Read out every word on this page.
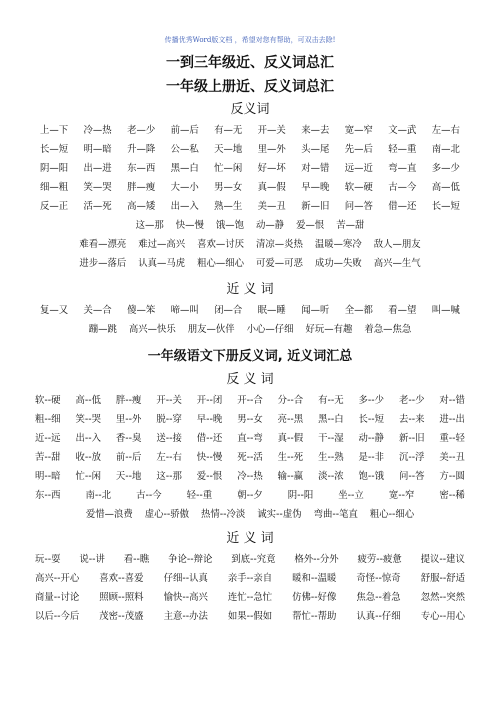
传播优秀Word版文档 ，希望对您有帮助，可双击去除!
一到三年级近、反义词总汇
一年级上册近、反义词总汇
反义词
上—下 冷—热 老—少 前—后 有—无 开—关 来—去 宽—窄 文—武 左—右
长—短 明—暗 升—降 公—私 天—地 里—外 头—尾 先—后 轻—重 南—北
阴—阳 出—进 东—西 黑—白 忙—闲 好—坏 对—错 远—近 弯—直 多—少
细—粗 笑—哭 胖—瘦 大—小 男—女 真—假 早—晚 软—硬 古—今 高—低
反—正 活—死 高—矮 出—入 熟—生 美—丑 新—旧 问—答 借—还 长—短
这—那 快—慢 饿—饱 动—静 爱—恨 苦—甜
难看—漂亮 难过—高兴 喜欢—讨厌 清凉—炎热 温暖—寒冷 敌人—朋友
进步—落后 认真—马虎 粗心—细心 可爱—可恶 成功—失败 高兴—生气
近 义 词
复—又 关—合 傻—笨 啼—叫 闭—合 眠—睡 闻—听 全—都 看—望 叫—喊
蹦—跳 高兴—快乐 朋友—伙伴 小心—仔细 好玩—有趣 着急—焦急
一年级语文下册反义词, 近义词汇总
反 义 词
软--硬 高--低 胖--瘦 开--关 开--闭 开--合 分--合 有--无 多--少 老--少 对--错
粗--细 笑--哭 里--外 脱--穿 早--晚 男--女 亮--黑 黑--白 长--短 去--来 进--出
近--远 出--入 香--臭 送--接 借--还 直--弯 真--假 干--湿 动--静 新--旧 重--轻
苦--甜 收--放 前--后 左--右 快--慢 死--活 生--死 生--熟 是--非 沉--浮 美--丑
明--暗 忙--闲 天--地 这--那 爱--恨 冷--热 输--赢 淡--浓 饱--饿 问--答 方--圆
东--西	南--北	古--今	轻--重	朝--夕	阴--阳	坐--立	宽--窄	密--稀
爱惜—浪费 虚心--骄傲 热情--冷淡 诚实--虚伪 弯曲--笔直 粗心--细心
近 义 词
玩--耍 说--讲 看--瞧 争论--辩论 到底--究竟 格外--分外 疲劳--疲惫 提议--建议
高兴--开心 喜欢--喜爱 仔细--认真 亲手--亲自 暖和--温暖 奇怪--惊奇 舒服--舒适
商量--讨论 照顾--照料 愉快--高兴 连忙--急忙 仿佛--好像 焦急--着急 忽然--突然
以后--今后 茂密--茂盛 主意--办法 如果--假如 帮忙--帮助 认真--仔细 专心--用心
